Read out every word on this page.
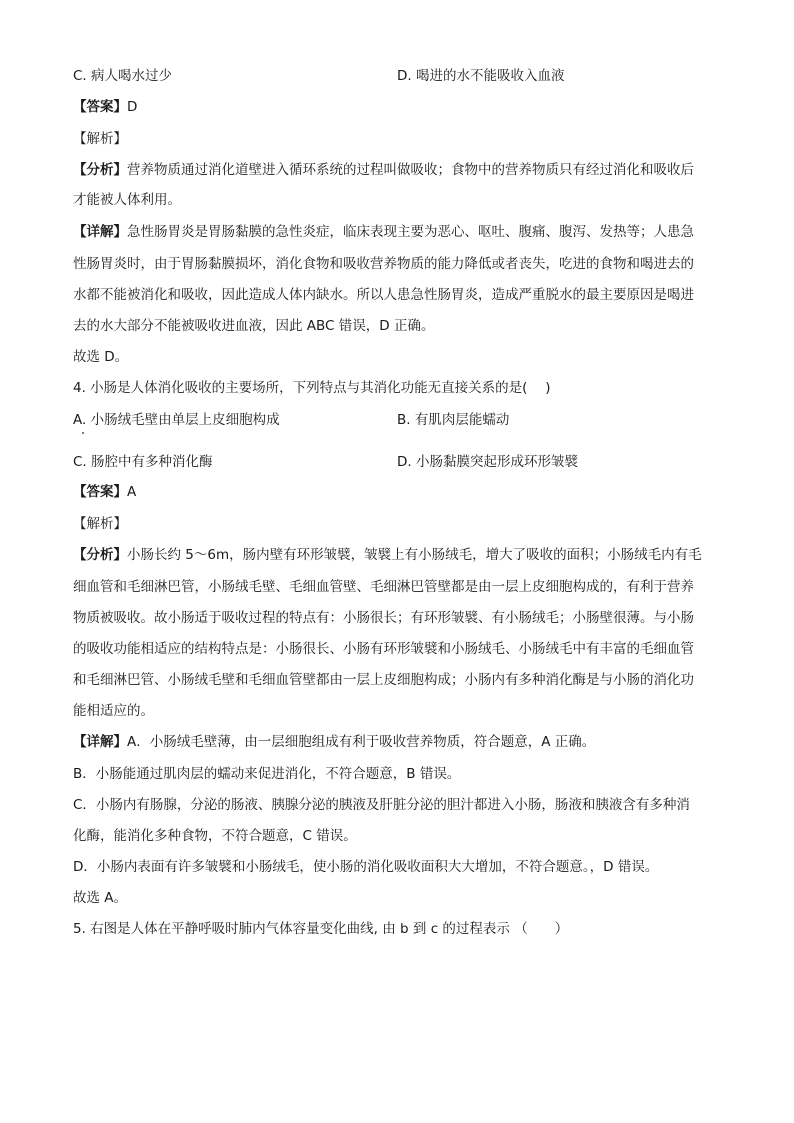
C. 病人喝水过少	D. 喝进的水不能吸收入血液
【答案】D
【解析】
【分析】营养物质通过消化道壁进入循环系统的过程叫做吸收；食物中的营养物质只有经过消化和吸收后
才能被人体利用。
【详解】急性肠胃炎是胃肠黏膜的急性炎症，临床表现主要为恶心、呕吐、腹痛、腹泻、发热等；人患急
性肠胃炎时，由于胃肠黏膜损坏，消化食物和吸收营养物质的能力降低或者丧失，吃进的食物和喝进去的
水都不能被消化和吸收，因此造成人体内缺水。所以人患急性肠胃炎，造成严重脱水的最主要原因是喝进
去的水大部分不能被吸收进血液，因此 ABC 错误，D 正确。
故选 D。
4. 小肠是人体消化吸收的主要场所，下列特点与其消化功能无直接关系的是(　 )
A. 小肠绒毛壁由单层上皮细胞构成	B. 有肌肉层能蠕动
C. 肠腔中有多种消化酶	D. 小肠黏膜突起形成环形皱襞
【答案】A
【解析】
【分析】小肠长约 5～6m，肠内壁有环形皱襞，皱襞上有小肠绒毛，增大了吸收的面积；小肠绒毛内有毛
细血管和毛细淋巴管，小肠绒毛壁、毛细血管壁、毛细淋巴管壁都是由一层上皮细胞构成的，有利于营养
物质被吸收。故小肠适于吸收过程的特点有：小肠很长；有环形皱襞、有小肠绒毛；小肠壁很薄。与小肠
的吸收功能相适应的结构特点是：小肠很长、小肠有环形皱襞和小肠绒毛、小肠绒毛中有丰富的毛细血管
和毛细淋巴管、小肠绒毛壁和毛细血管壁都由一层上皮细胞构成；小肠内有多种消化酶是与小肠的消化功
能相适应的。
【详解】A．小肠绒毛壁薄，由一层细胞组成有利于吸收营养物质，符合题意，A 正确。
B．小肠能通过肌肉层的蠕动来促进消化，不符合题意，B 错误。
C．小肠内有肠腺，分泌的肠液、胰腺分泌的胰液及肝脏分泌的胆汁都进入小肠，肠液和胰液含有多种消
化酶，能消化多种食物，不符合题意，C 错误。
D．小肠内表面有许多皱襞和小肠绒毛，使小肠的消化吸收面积大大增加，不符合题意。，D 错误。
故选 A。
5. 右图是人体在平静呼吸时肺内气体容量变化曲线, 由 b 到 c 的过程表示 （　　）
